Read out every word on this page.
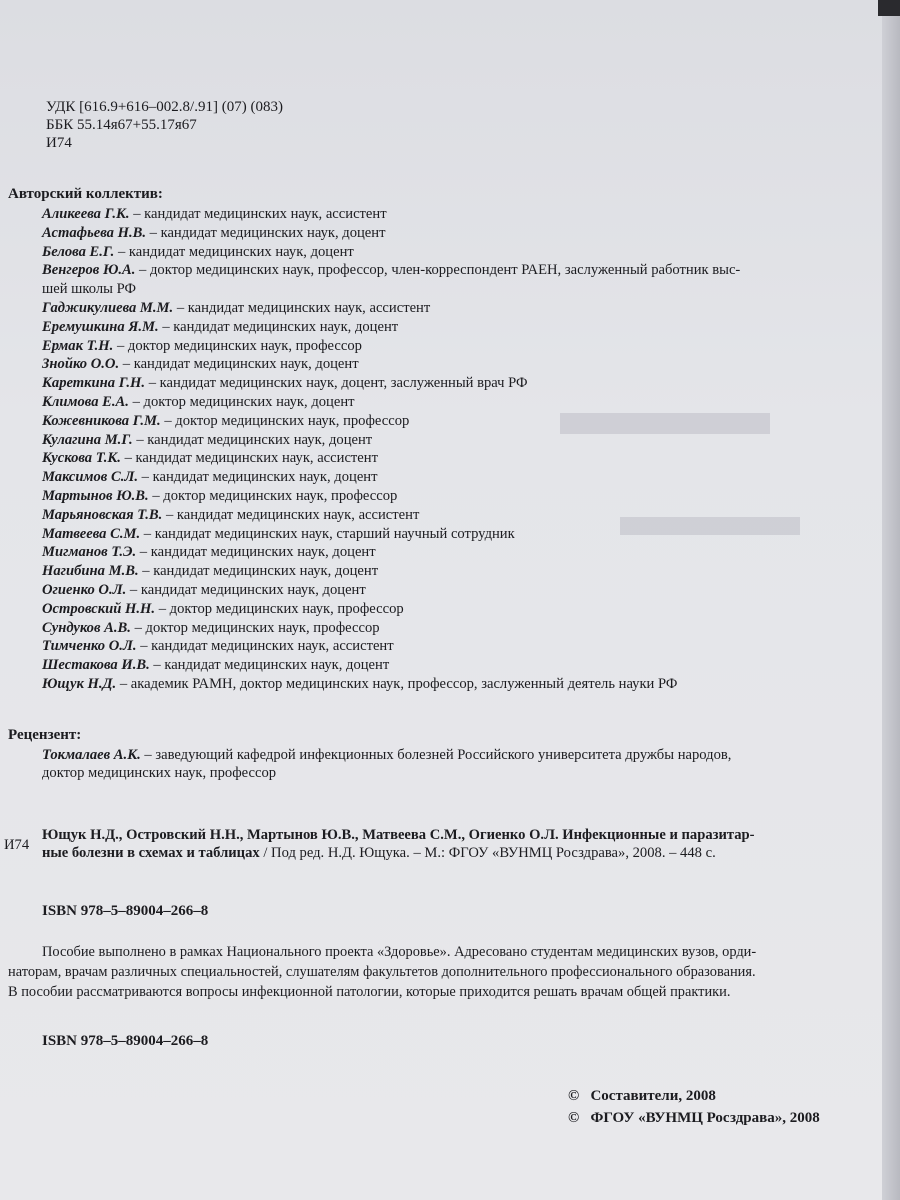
▬▬▬
▬▬▬
УДК [616.9+616–002.8/.91] (07) (083)
ББК 55.14я67+55.17я67
И74
Авторский коллектив:
Аликеева Г.К. – кандидат медицинских наук, ассистент
Астафьева Н.В. – кандидат медицинских наук, доцент
Белова Е.Г. – кандидат медицинских наук, доцент
Венгеров Ю.А. – доктор медицинских наук, профессор, член-корреспондент РАЕН, заслуженный работник выс-
шей школы РФ
Гаджикулиева М.М. – кандидат медицинских наук, ассистент
Еремушкина Я.М. – кандидат медицинских наук, доцент
Ермак Т.Н. – доктор медицинских наук, профессор
Знойко О.О. – кандидат медицинских наук, доцент
Кареткина Г.Н. – кандидат медицинских наук, доцент, заслуженный врач РФ
Климова Е.А. – доктор медицинских наук, доцент
Кожевникова Г.М. – доктор медицинских наук, профессор
Кулагина М.Г. – кандидат медицинских наук, доцент
Кускова Т.К. – кандидат медицинских наук, ассистент
Максимов С.Л. – кандидат медицинских наук, доцент
Мартынов Ю.В. – доктор медицинских наук, профессор
Марьяновская Т.В. – кандидат медицинских наук, ассистент
Матвеева С.М. – кандидат медицинских наук, старший научный сотрудник
Мигманов Т.Э. – кандидат медицинских наук, доцент
Нагибина М.В. – кандидат медицинских наук, доцент
Огиенко О.Л. – кандидат медицинских наук, доцент
Островский Н.Н. – доктор медицинских наук, профессор
Сундуков А.В. – доктор медицинских наук, профессор
Тимченко О.Л. – кандидат медицинских наук, ассистент
Шестакова И.В. – кандидат медицинских наук, доцент
Ющук Н.Д. – академик РАМН, доктор медицинских наук, профессор, заслуженный деятель науки РФ
Рецензент:
Токмалаев А.К. – заведующий кафедрой инфекционных болезней Российского университета дружбы народов,
доктор медицинских наук, профессор
И74
Ющук Н.Д., Островский Н.Н., Мартынов Ю.В., Матвеева С.М., Огиенко О.Л. Инфекционные и паразитар-
ные болезни в схемах и таблицах / Под ред. Н.Д. Ющука. – М.: ФГОУ «ВУНМЦ Росздрава», 2008. – 448 с.
ISBN 978–5–89004–266–8
Пособие выполнено в рамках Национального проекта «Здоровье». Адресовано студентам медицинских вузов, орди-
наторам, врачам различных специальностей, слушателям факультетов дополнительного профессионального образования.
В пособии рассматриваются вопросы инфекционной патологии, которые приходится решать врачам общей практики.
ISBN 978–5–89004–266–8
© Составители, 2008
© ФГОУ «ВУНМЦ Росздрава», 2008
